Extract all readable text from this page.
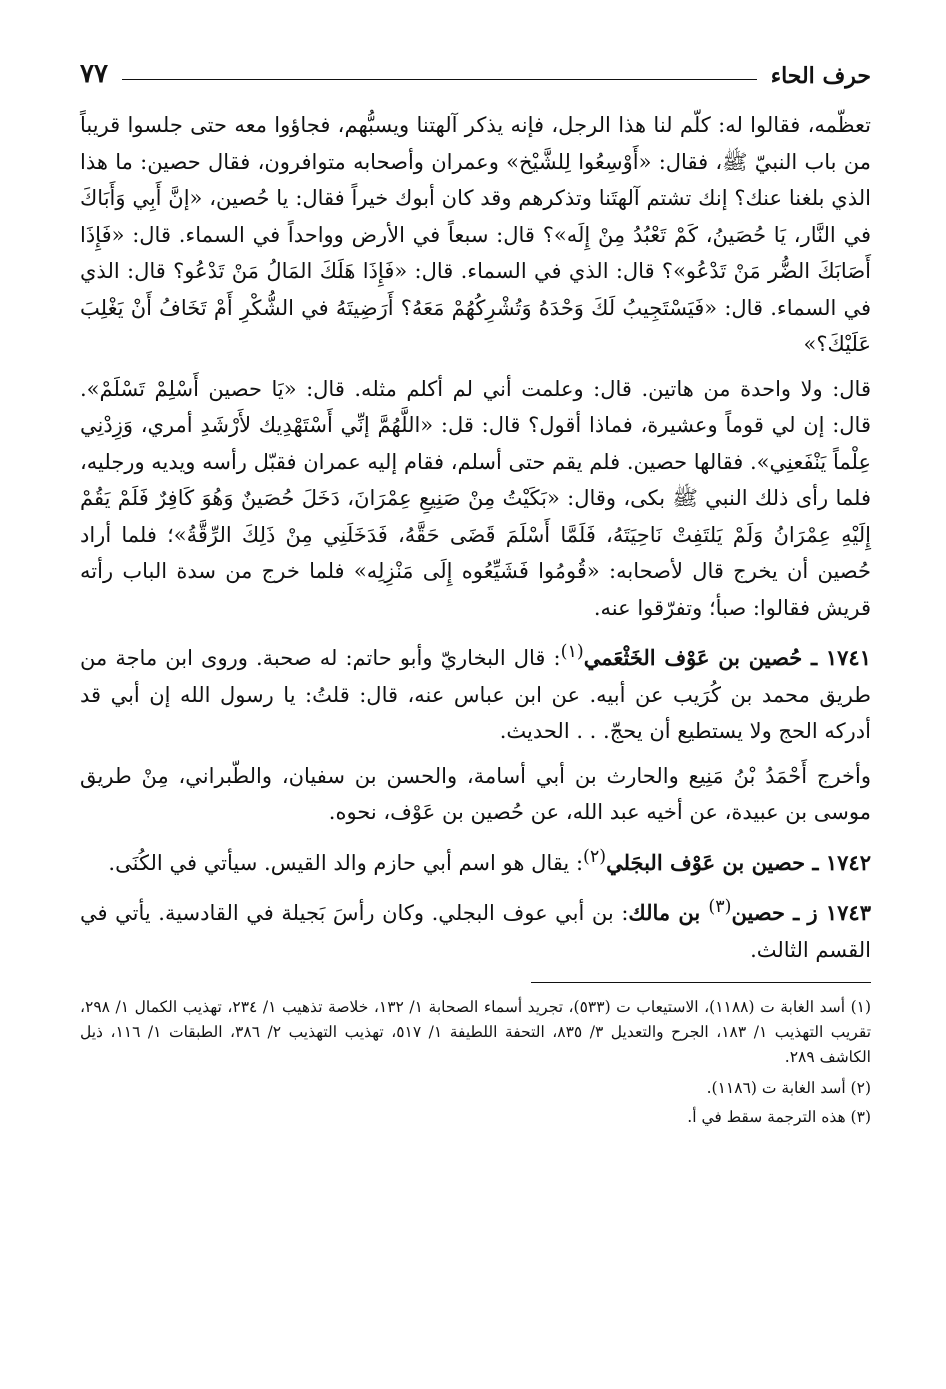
حرف الحاء
٧٧

تعظّمه، فقالوا له: كلّم لنا هذا الرجل، فإنه يذكر آلهتنا ويسبُّهم، فجاؤوا معه حتى جلسوا قريباً من باب النبيّ ﷺ، فقال: «أَوْسِعُوا لِلشَّيْخ» وعمران وأصحابه متوافرون، فقال حصين: ما هذا الذي بلغنا عنك؟ إنك تشتم آلهتَنا وتذكرهم وقد كان أبوك خيراً فقال: يا حُصين، «إنَّ أَبِي وَأَبَاكَ في النَّار، يَا حُصَينُ، كَمْ تَعْبُدُ مِنْ إِلَه»؟ قال: سبعاً في الأرض وواحداً في السماء. قال: «فَإِذَا أَصَابَكَ الضُّر مَنْ تَدْعُو»؟ قال: الذي في السماء. قال: «فَإِذَا هَلَكَ المَالُ مَنْ تَدْعُو؟ قال: الذي في السماء. قال: «فَيَسْتَجِيبُ لَكَ وَحْدَهُ وَتُشْرِكُهُمْ مَعَهُ؟ أَرَضِيتَهُ في الشُّكْرِ أَمْ تَخَافُ أَنْ يَغْلِبَ عَلَيْكَ؟»

قال: ولا واحدة من هاتين. قال: وعلمت أني لم أكلم مثله. قال: «يَا حصين أَسْلِمْ تَسْلَمْ». قال: إن لي قوماً وعشيرة، فماذا أقول؟ قال: قل: «اللَّهُمَّ إنِّي أَسْتَهْدِيك لأَرْشَدِ أمري، وَزِدْنِي عِلْماً يَنْفَعنِي». فقالها حصين. فلم يقم حتى أسلم، فقام إليه عمران فقبّل رأسه ويديه ورجليه، فلما رأى ذلك النبي ﷺ بكى، وقال: «بَكَيْتُ مِنْ صَنِيعِ عِمْرَانَ، دَخَلَ حُصَينٌ وَهُوَ كَافِرٌ فَلَمْ يَقُمْ إِلَيْهِ عِمْرَانُ وَلَمْ يَلتَفِتْ نَاحِيَتَهُ، فَلَمَّا أَسْلَمَ قَضَى حَقَّهُ، فَدَخَلَنِي مِنْ ذَلِكَ الرِّقَّةُ»؛ فلما أراد حُصين أن يخرج قال لأصحابه: «قُومُوا فَشَيِّعُوه إِلَى مَنْزِلِه» فلما خرج من سدة الباب رأته قريش فقالوا: صبأ؛ وتفرّقوا عنه.

١٧٤١ ـ حُصين بن عَوْف الخَثْعَمي$^{(١)}$: قال البخاريّ وأبو حاتم: له صحبة. وروى ابن ماجة من طريق محمد بن كُرَيب عن أبيه. عن ابن عباس عنه، قال: قلتُ: يا رسول الله إن أبي قد أدركه الحج ولا يستطيع أن يحجّ. . . الحديث.

وأخرج أَحْمَدُ بْنُ مَنِيع والحارث بن أبي أسامة، والحسن بن سفيان، والطّبراني، مِنْ طريق موسى بن عبيدة، عن أخيه عبد الله، عن حُصين بن عَوْف، نحوه.

١٧٤٢ ـ حصين بن عَوْف البجَلي$^{(٢)}$: يقال هو اسم أبي حازم والد القيس. سيأتي في الكُنَى.

١٧٤٣ ز ـ حصين$^{(٣)}$ بن مالك: بن أبي عوف البجلي. وكان رأسَ بَجيلة في القادسية. يأتي في القسم الثالث.

(١) أسد الغابة ت (١١٨٨)، الاستيعاب ت (٥٣٣)، تجريد أسماء الصحابة ١/ ١٣٢، خلاصة تذهيب ١/ ٢٣٤، تهذيب الكمال ١/ ٢٩٨، تقريب التهذيب ١/ ١٨٣، الجرح والتعديل ٣/ ٨٣٥، التحفة اللطيفة ١/ ٥١٧، تهذيب التهذيب ٢/ ٣٨٦، الطبقات ١/ ١١٦، ذيل الكاشف ٢٨٩.

(٢) أسد الغابة ت (١١٨٦).

(٣) هذه الترجمة سقط في أ.
